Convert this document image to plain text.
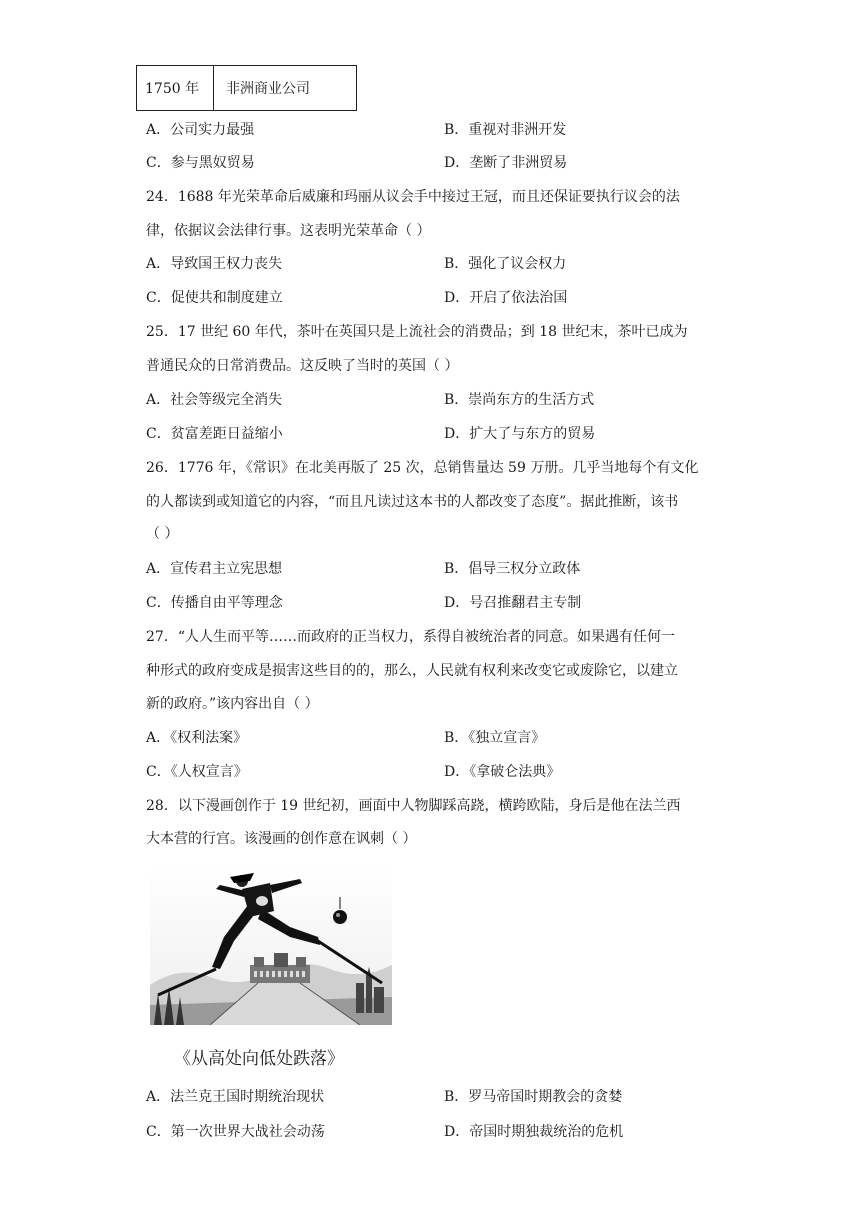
1750 年	非洲商业公司
A．公司实力最强	B．重视对非洲开发
C．参与黑奴贸易	D．垄断了非洲贸易
24．1688 年光荣革命后威廉和玛丽从议会手中接过王冠，而且还保证要执行议会的法
律，依据议会法律行事。这表明光荣革命（ ）
A．导致国王权力丧失	B．强化了议会权力
C．促使共和制度建立	D．开启了依法治国
25．17 世纪 60 年代，茶叶在英国只是上流社会的消费品；到 18 世纪末，茶叶已成为
普通民众的日常消费品。这反映了当时的英国（ ）
A．社会等级完全消失	B．崇尚东方的生活方式
C．贫富差距日益缩小	D．扩大了与东方的贸易
26．1776 年，《常识》在北美再版了 25 次，总销售量达 59 万册。几乎当地每个有文化
的人都读到或知道它的内容，“而且凡读过这本书的人都改变了态度”。据此推断，该书
（ ）
A．宣传君主立宪思想	B．倡导三权分立政体
C．传播自由平等理念	D．号召推翻君主专制
27．“人人生而平等……而政府的正当权力，系得自被统治者的同意。如果遇有任何一
种形式的政府变成是损害这些目的的，那么，人民就有权利来改变它或废除它，以建立
新的政府。”该内容出自（ ）
A．《权利法案》	B．《独立宣言》
C．《人权宣言》	D．《拿破仑法典》
28．以下漫画创作于 19 世纪初，画面中人物脚踩高跷，横跨欧陆，身后是他在法兰西
大本营的行宫。该漫画的创作意在讽刺（ ）
《从高处向低处跌落》
A．法兰克王国时期统治现状	B．罗马帝国时期教会的贪婪
C．第一次世界大战社会动荡	D．帝国时期独裁统治的危机
